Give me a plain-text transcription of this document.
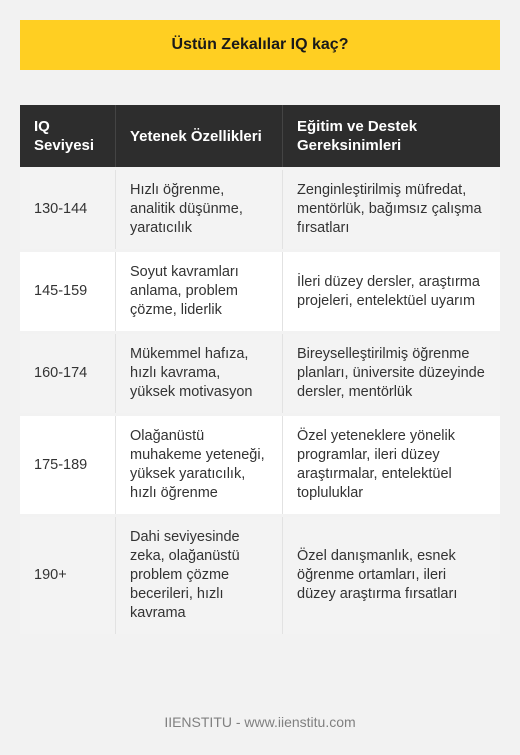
Üstün Zekalılar IQ kaç?
IQ Seviyesi	Yetenek Özellikleri	Eğitim ve Destek Gereksinimleri
130-144	Hızlı öğrenme, analitik düşünme, yaratıcılık	Zenginleştirilmiş müfredat, mentörlük, bağımsız çalışma fırsatları
145-159	Soyut kavramları anlama, problem çözme, liderlik	İleri düzey dersler, araştırma projeleri, entelektüel uyarım
160-174	Mükemmel hafıza, hızlı kavrama, yüksek motivasyon	Bireyselleştirilmiş öğrenme planları, üniversite düzeyinde dersler, mentörlük
175-189	Olağanüstü muhakeme yeteneği, yüksek yaratıcılık, hızlı öğrenme	Özel yeteneklere yönelik programlar, ileri düzey araştırmalar, entelektüel topluluklar
190+	Dahi seviyesinde zeka, olağanüstü problem çözme becerileri, hızlı kavrama	Özel danışmanlık, esnek öğrenme ortamları, ileri düzey araştırma fırsatları
IIENSTITU - www.iienstitu.com
